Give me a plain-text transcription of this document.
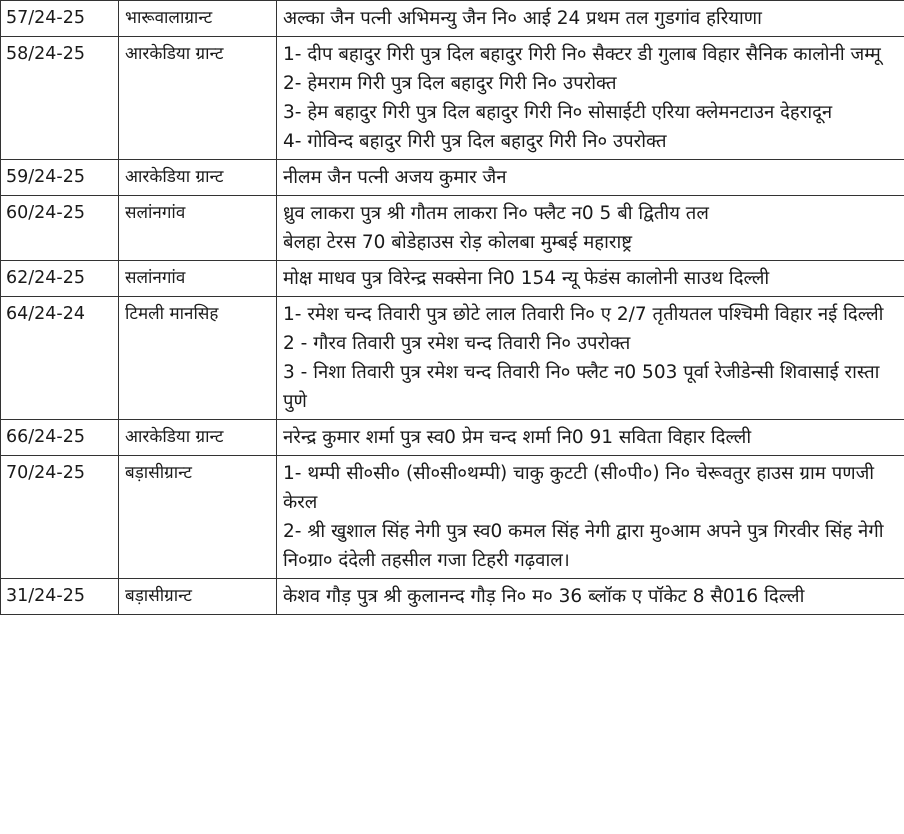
57/24-25	भारूवालाग्रान्ट	अल्का जैन पत्नी अभिमन्यु जैन नि० आई 24 प्रथम तल गुडगांव हरियाणा

58/24-25	आरकेडिया ग्रान्ट	1- दीप बहादुर गिरी पुत्र दिल बहादुर गिरी नि० सैक्टर डी गुलाब विहार सैनिक कालोनी जम्मू
2- हेमराम गिरी पुत्र दिल बहादुर गिरी नि० उपरोक्त
3- हेम बहादुर गिरी पुत्र दिल बहादुर गिरी नि० सोसाईटी एरिया क्लेमनटाउन देहरादून
4- गोविन्द बहादुर गिरी पुत्र दिल बहादुर गिरी नि० उपरोक्त

59/24-25	आरकेडिया ग्रान्ट	नीलम जैन पत्नी अजय कुमार जैन

60/24-25	सलांनगांव	ध्रुव लाकरा पुत्र श्री गौतम लाकरा नि० फ्लैट न0 5 बी द्वितीय तल
बेलहा टेरस 70 बोडेहाउस रोड़ कोलबा मुम्बई महाराष्ट्र

62/24-25	सलांनगांव	मोक्ष माधव पुत्र विरेन्द्र सक्सेना नि0 154 न्यू फेडंस कालोनी साउथ दिल्ली

64/24-24	टिमली मानसिह	1- रमेश चन्द तिवारी पुत्र छोटे लाल तिवारी नि० ए 2/7 तृतीयतल पश्चिमी विहार नई दिल्ली
2 - गौरव तिवारी पुत्र रमेश चन्द तिवारी नि० उपरोक्त
3 - निशा तिवारी पुत्र रमेश चन्द तिवारी नि० फ्लैट न0 503 पूर्वा रेजीडेन्सी शिवासाई रास्ता पुणे

66/24-25	आरकेडिया ग्रान्ट	नरेन्द्र कुमार शर्मा पुत्र स्व0 प्रेम चन्द शर्मा नि0 91 सविता विहार दिल्ली

70/24-25	बड़ासीग्रान्ट	1- थम्पी सी०सी० (सी०सी०थम्पी) चाकु कुटटी (सी०पी०) नि० चेरूवतुर हाउस ग्राम पणजी केरल
2- श्री खुशाल सिंह नेगी पुत्र स्व0 कमल सिंह नेगी द्वारा मु०आम अपने पुत्र गिरवीर सिंह नेगी नि०ग्रा० दंदेली तहसील गजा टिहरी गढ़वाल।

31/24-25	बड़ासीग्रान्ट	केशव गौड़ पुत्र श्री कुलानन्द गौड़ नि० म० 36 ब्लॉक ए पॉकेट 8 सै016 दिल्ली
